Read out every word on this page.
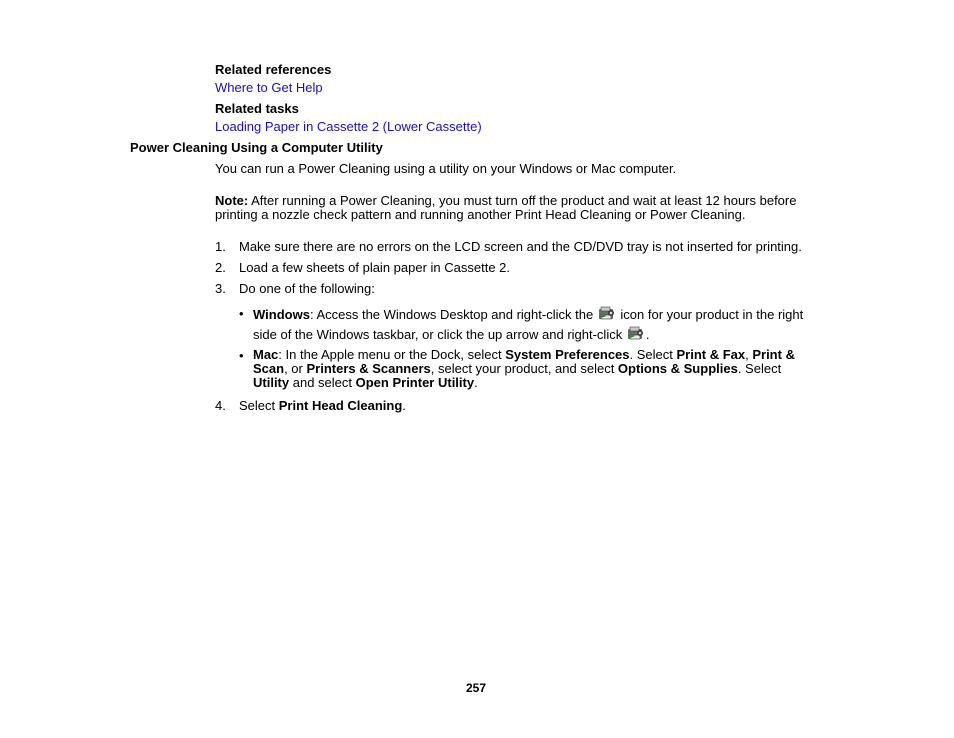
Related references
Where to Get Help
Related tasks
Loading Paper in Cassette 2 (Lower Cassette)
Power Cleaning Using a Computer Utility
You can run a Power Cleaning using a utility on your Windows or Mac computer.
Note: After running a Power Cleaning, you must turn off the product and wait at least 12 hours before
printing a nozzle check pattern and running another Print Head Cleaning or Power Cleaning.
1. Make sure there are no errors on the LCD screen and the CD/DVD tray is not inserted for printing.
2. Load a few sheets of plain paper in Cassette 2.
3. Do one of the following:
• Windows: Access the Windows Desktop and right-click the  icon for your product in the right
side of the Windows taskbar, or click the up arrow and right-click .
• Mac: In the Apple menu or the Dock, select System Preferences. Select Print & Fax, Print &
Scan, or Printers & Scanners, select your product, and select Options & Supplies. Select
Utility and select Open Printer Utility.
4. Select Print Head Cleaning.
257
